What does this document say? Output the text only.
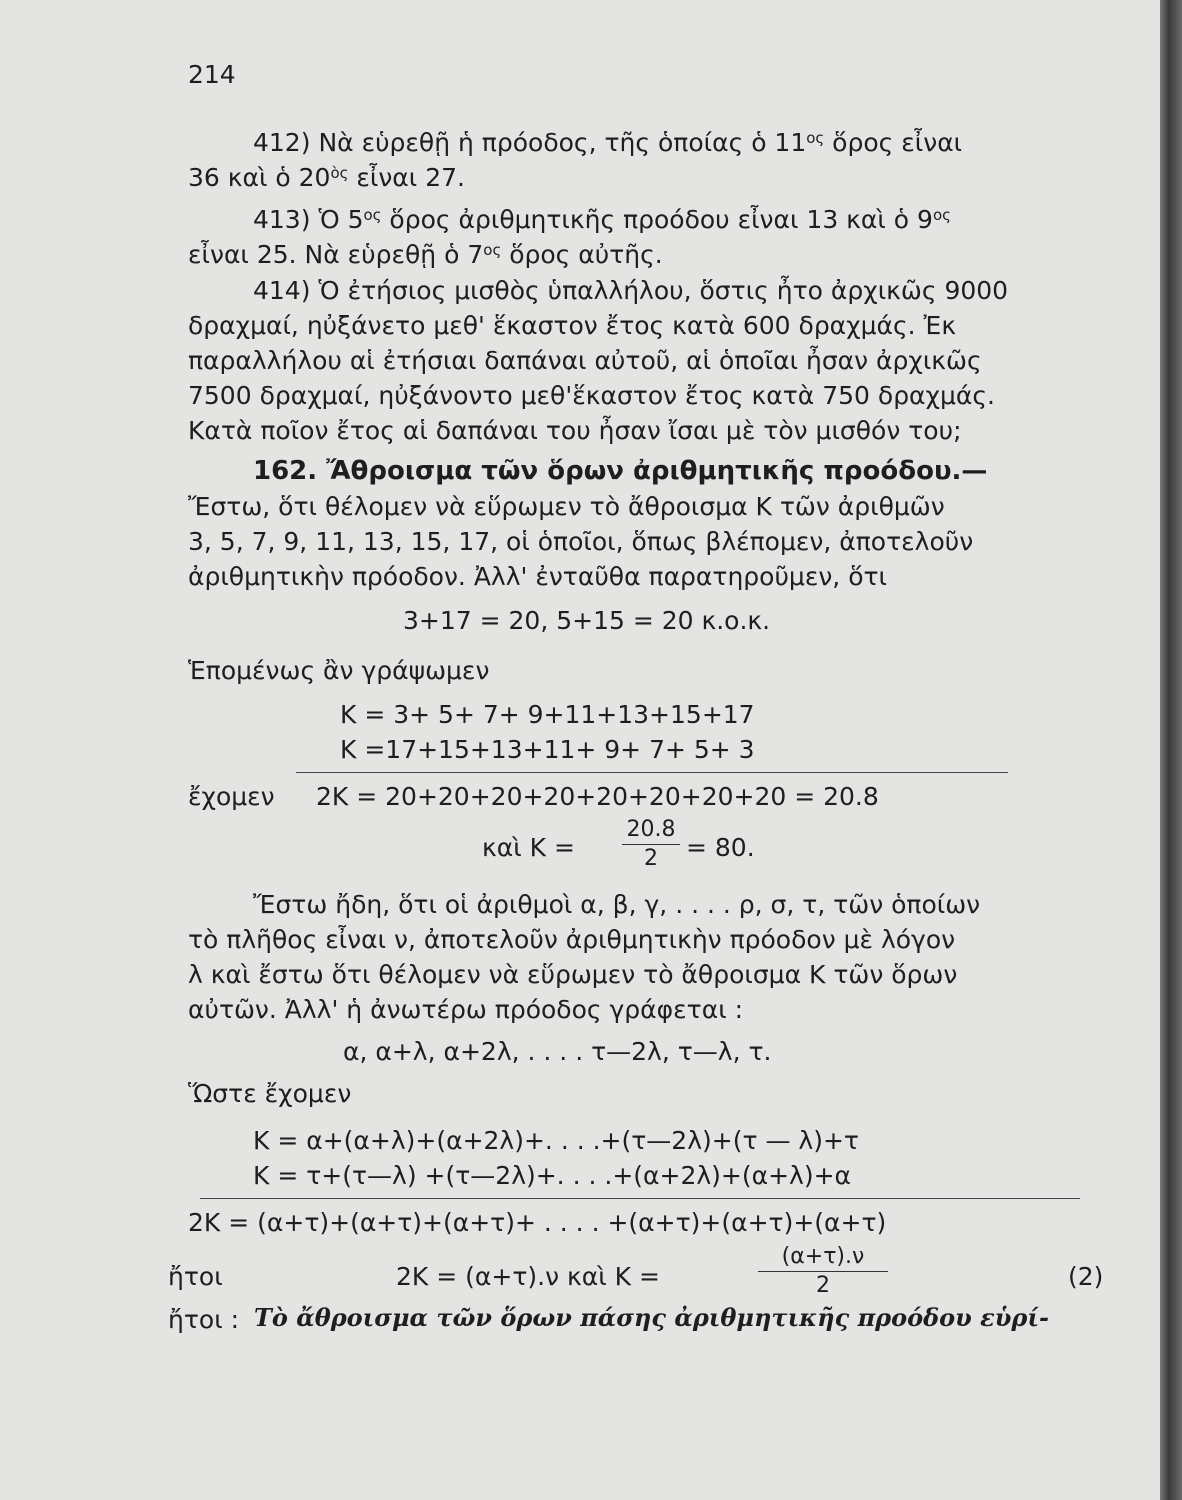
214
412) Νὰ εὑρεθῇ ἡ πρόοδος, τῆς ὁποίας ὁ $11^{o\varsigma}$ ὅρος εἶναι
36 καὶ ὁ $20^{ὸ\varsigma}$ εἶναι 27.
413) Ὁ $5^{o\varsigma}$ ὅρος ἀριθμητικῆς προόδου εἶναι 13 καὶ ὁ $9^{o\varsigma}$
εἶναι 25. Νὰ εὑρεθῇ ὁ $7^{o\varsigma}$ ὅρος αὐτῆς.
414) Ὁ ἐτήσιος μισθὸς ὑπαλλήλου, ὅστις ἦτο ἀρχικῶς 9000
δραχμαί, ηὐξάνετο μεθ' ἕκαστον ἔτος κατὰ 600 δραχμάς. Ἐκ
παραλλήλου αἱ ἐτήσιαι δαπάναι αὐτοῦ, αἱ ὁποῖαι ἦσαν ἀρχικῶς
7500 δραχμαί, ηὐξάνοντο μεθ'ἕκαστον ἔτος κατὰ 750 δραχμάς.
Κατὰ ποῖον ἔτος αἱ δαπάναι του ἦσαν ἴσαι μὲ τὸν μισθόν του;
162. Ἄθροισμα τῶν ὅρων ἀριθμητικῆς προόδου.—
Ἔστω, ὅτι θέλομεν νὰ εὕρωμεν τὸ ἄθροισμα Κ τῶν ἀριθμῶν
3, 5, 7, 9, 11, 13, 15, 17, οἱ ὁποῖοι, ὅπως βλέπομεν, ἀποτελοῦν
ἀριθμητικὴν πρόοδον. Ἀλλ' ἐνταῦθα παρατηροῦμεν, ὅτι
3+17 = 20, 5+15 = 20 κ.ο.κ.
Ἑπομένως ἂν γράψωμεν
Κ = 3+ 5+ 7+ 9+11+13+15+17
Κ =17+15+13+11+ 9+ 7+ 5+ 3
ἔχομεν 2Κ = 20+20+20+20+20+20+20+20 = 20.8
καὶ Κ =
20.8
2	= 80.
Ἔστω ἤδη, ὅτι οἱ ἀριθμοὶ α, β, γ, . . . . ρ, σ, τ, τῶν ὁποίων
τὸ πλῆθος εἶναι ν, ἀποτελοῦν ἀριθμητικὴν πρόοδον μὲ λόγον
λ καὶ ἔστω ὅτι θέλομεν νὰ εὕρωμεν τὸ ἄθροισμα Κ τῶν ὅρων
αὐτῶν. Ἀλλ' ἡ ἀνωτέρω πρόοδος γράφεται :
α, α+λ, α+2λ, . . . . τ—2λ, τ—λ, τ.
Ὥστε ἔχομεν
Κ = α+(α+λ)+(α+2λ)+. . . .+(τ—2λ)+(τ — λ)+τ
Κ = τ+(τ—λ) +(τ—2λ)+. . . .+(α+2λ)+(α+λ)+α
2Κ = (α+τ)+(α+τ)+(α+τ)+ . . . . +(α+τ)+(α+τ)+(α+τ)
ἤτοι	2Κ = (α+τ).ν καὶ Κ =
(α+τ).ν
2	(2)
ἤτοι : Τὸ ἄθροισμα τῶν ὅρων πάσης ἀριθμητικῆς προόδου εὑρί-
